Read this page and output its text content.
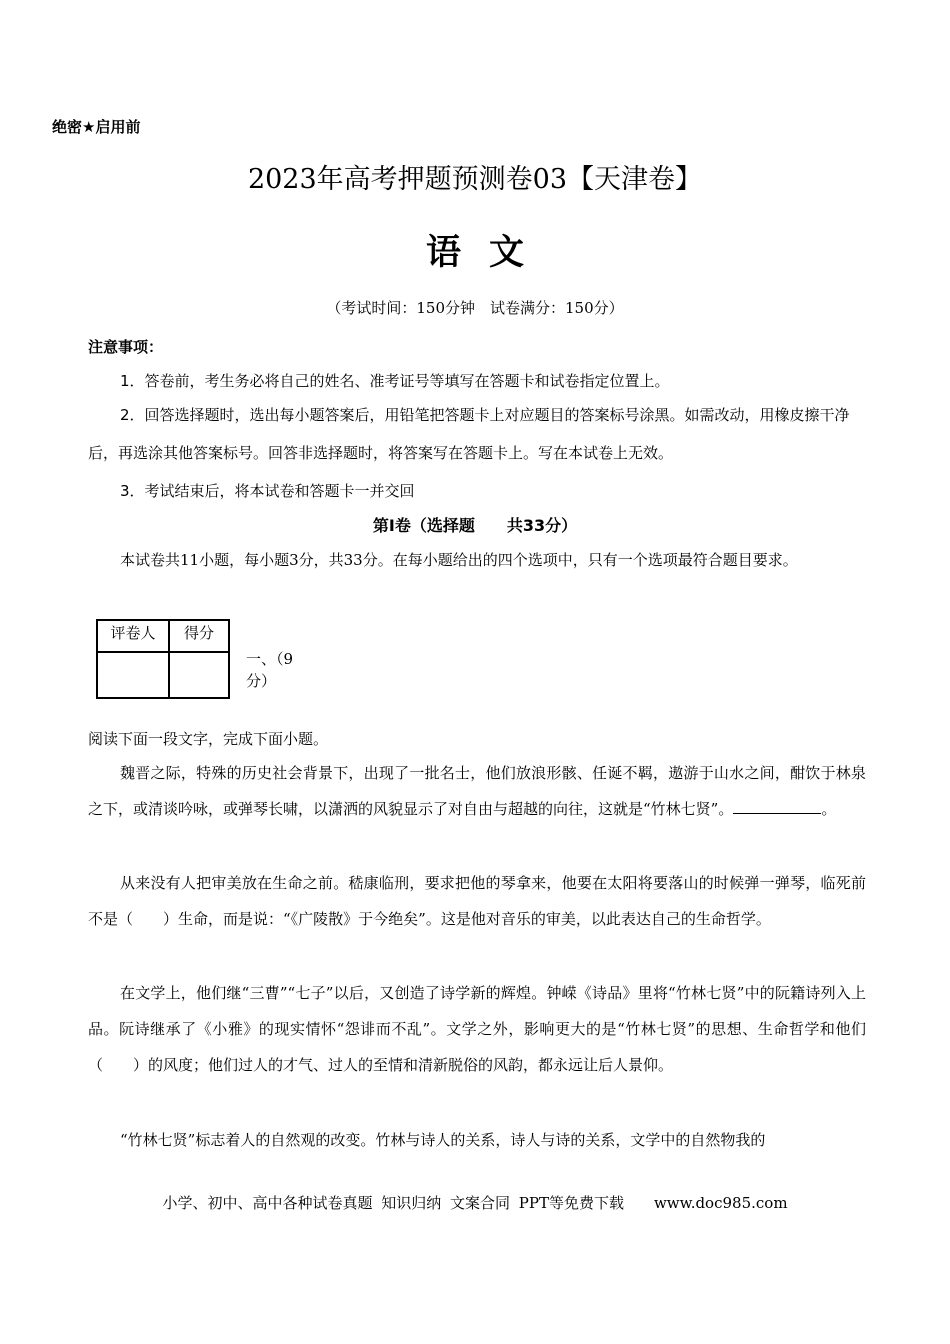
绝密★启用前
2023年高考押题预测卷03【天津卷】
语文
（考试时间：150分钟　试卷满分：150分）
注意事项：
1．答卷前，考生务必将自己的姓名、准考证号等填写在答题卡和试卷指定位置上。
2．回答选择题时，选出每小题答案后，用铅笔把答题卡上对应题目的答案标号涂黑。如需改动，用橡皮擦干净后，再选涂其他答案标号。回答非选择题时，将答案写在答题卡上。写在本试卷上无效。
3．考试结束后，将本试卷和答题卡一并交回
第Ⅰ卷（选择题　　共33分）
本试卷共11小题，每小题3分，共33分。在每小题给出的四个选项中，只有一个选项最符合题目要求。
评卷人	得分

一、（9分）
阅读下面一段文字，完成下面小题。
魏晋之际，特殊的历史社会背景下，出现了一批名士，他们放浪形骸、任诞不羁，遨游于山水之间，酣饮于林泉之下，或清谈吟咏，或弹琴长啸，以潇洒的风貌显示了对自由与超越的向往，这就是“竹林七贤”。	。
从来没有人把审美放在生命之前。嵇康临刑，要求把他的琴拿来，他要在太阳将要落山的时候弹一弹琴，临死前不是（　　）生命，而是说：“《广陵散》于今绝矣”。这是他对音乐的审美，以此表达自己的生命哲学。
在文学上，他们继“三曹”“七子”以后，又创造了诗学新的辉煌。钟嵘《诗品》里将“竹林七贤”中的阮籍诗列入上品。阮诗继承了《小雅》的现实情怀“怨诽而不乱”。文学之外，影响更大的是“竹林七贤”的思想、生命哲学和他们（　　）的风度；他们过人的才气、过人的至情和清新脱俗的风韵，都永远让后人景仰。
“竹林七贤”标志着人的自然观的改变。竹林与诗人的关系，诗人与诗的关系，文学中的自然物我的
小学、初中、高中各种试卷真题 知识归纳 文案合同 PPT等免费下载　　www.doc985.com
